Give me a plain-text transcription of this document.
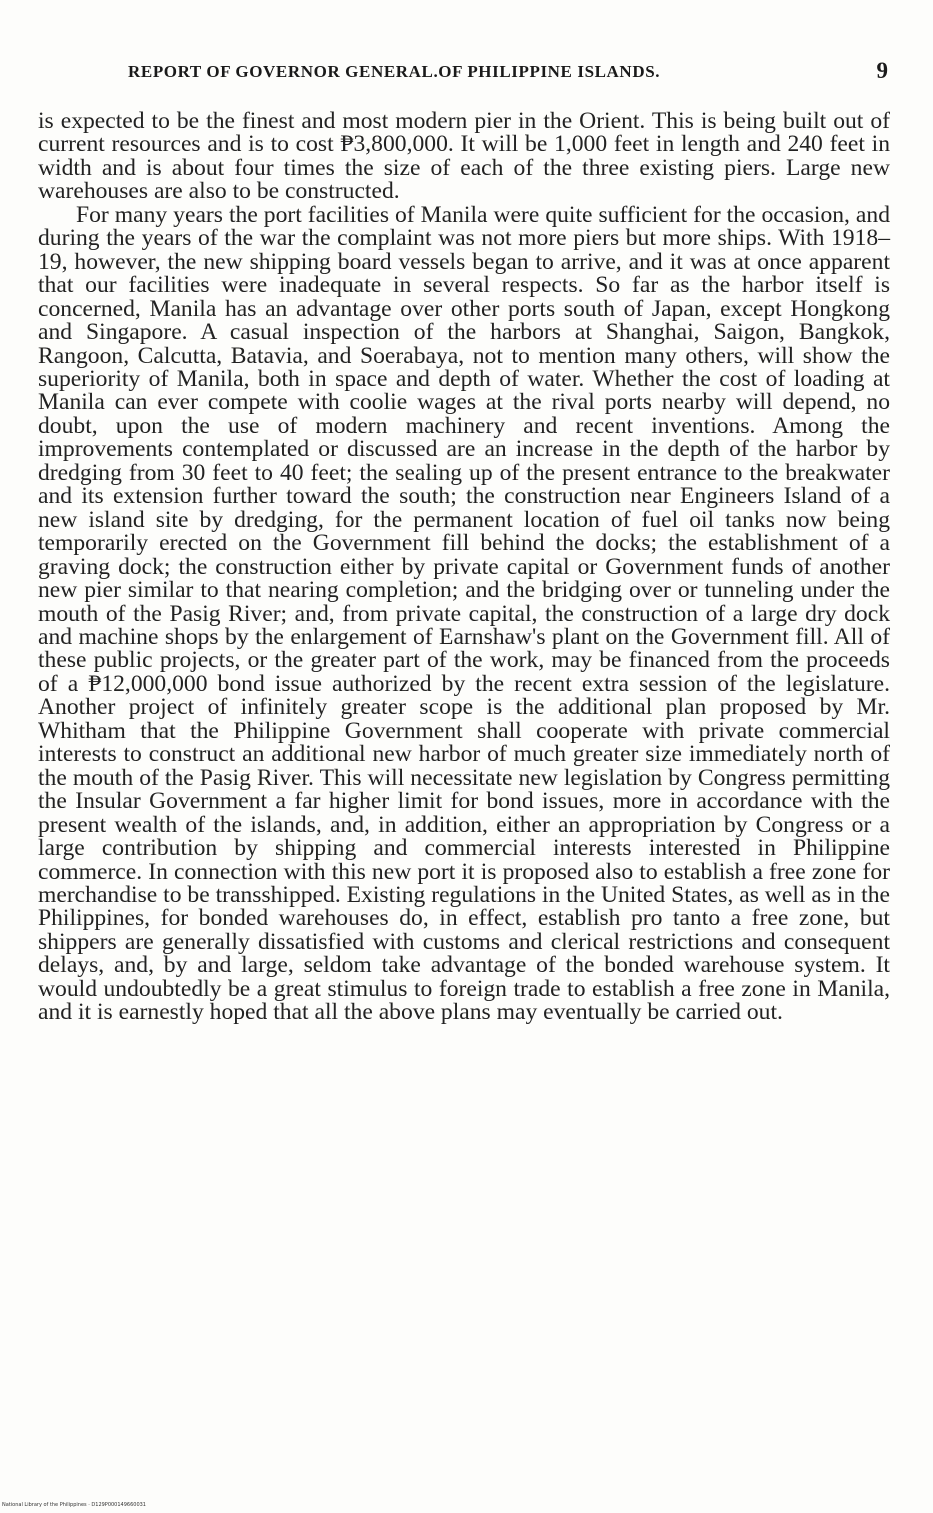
REPORT OF GOVERNOR GENERAL.OF PHILIPPINE ISLANDS.	9

is expected to be the finest and most modern pier in the Orient. This is being built out of current resources and is to cost ₱3,800,000. It will be 1,000 feet in length and 240 feet in width and is about four times the size of each of the three existing piers. Large new warehouses are also to be constructed.

For many years the port facilities of Manila were quite sufficient for the occasion, and during the years of the war the complaint was not more piers but more ships. With 1918–19, however, the new shipping board vessels began to arrive, and it was at once apparent that our facilities were inadequate in several respects. So far as the harbor itself is concerned, Manila has an advantage over other ports south of Japan, except Hongkong and Singapore. A casual inspection of the harbors at Shanghai, Saigon, Bangkok, Rangoon, Calcutta, Batavia, and Soerabaya, not to mention many others, will show the superiority of Manila, both in space and depth of water. Whether the cost of loading at Manila can ever compete with coolie wages at the rival ports nearby will depend, no doubt, upon the use of modern machinery and recent inventions. Among the improvements contemplated or discussed are an increase in the depth of the harbor by dredging from 30 feet to 40 feet; the sealing up of the present entrance to the breakwater and its extension further toward the south; the construction near Engineers Island of a new island site by dredging, for the permanent location of fuel oil tanks now being temporarily erected on the Government fill behind the docks; the establishment of a graving dock; the construction either by private capital or Government funds of another new pier similar to that nearing completion; and the bridging over or tunneling under the mouth of the Pasig River; and, from private capital, the construction of a large dry dock and machine shops by the enlargement of Earnshaw's plant on the Government fill. All of these public projects, or the greater part of the work, may be financed from the proceeds of a ₱12,000,000 bond issue authorized by the recent extra session of the legislature. Another project of infinitely greater scope is the additional plan proposed by Mr. Whitham that the Philippine Government shall cooperate with private commercial interests to construct an additional new harbor of much greater size immediately north of the mouth of the Pasig River. This will necessitate new legislation by Congress permitting the Insular Government a far higher limit for bond issues, more in accordance with the present wealth of the islands, and, in addition, either an appropriation by Congress or a large contribution by shipping and commercial interests interested in Philippine commerce. In connection with this new port it is proposed also to establish a free zone for merchandise to be transshipped. Existing regulations in the United States, as well as in the Philippines, for bonded warehouses do, in effect, establish pro tanto a free zone, but shippers are generally dissatisfied with customs and clerical restrictions and consequent delays, and, by and large, seldom take advantage of the bonded warehouse system. It would undoubtedly be a great stimulus to foreign trade to establish a free zone in Manila, and it is earnestly hoped that all the above plans may eventually be carried out.

National Library of the Philippines · D129P000149660031
